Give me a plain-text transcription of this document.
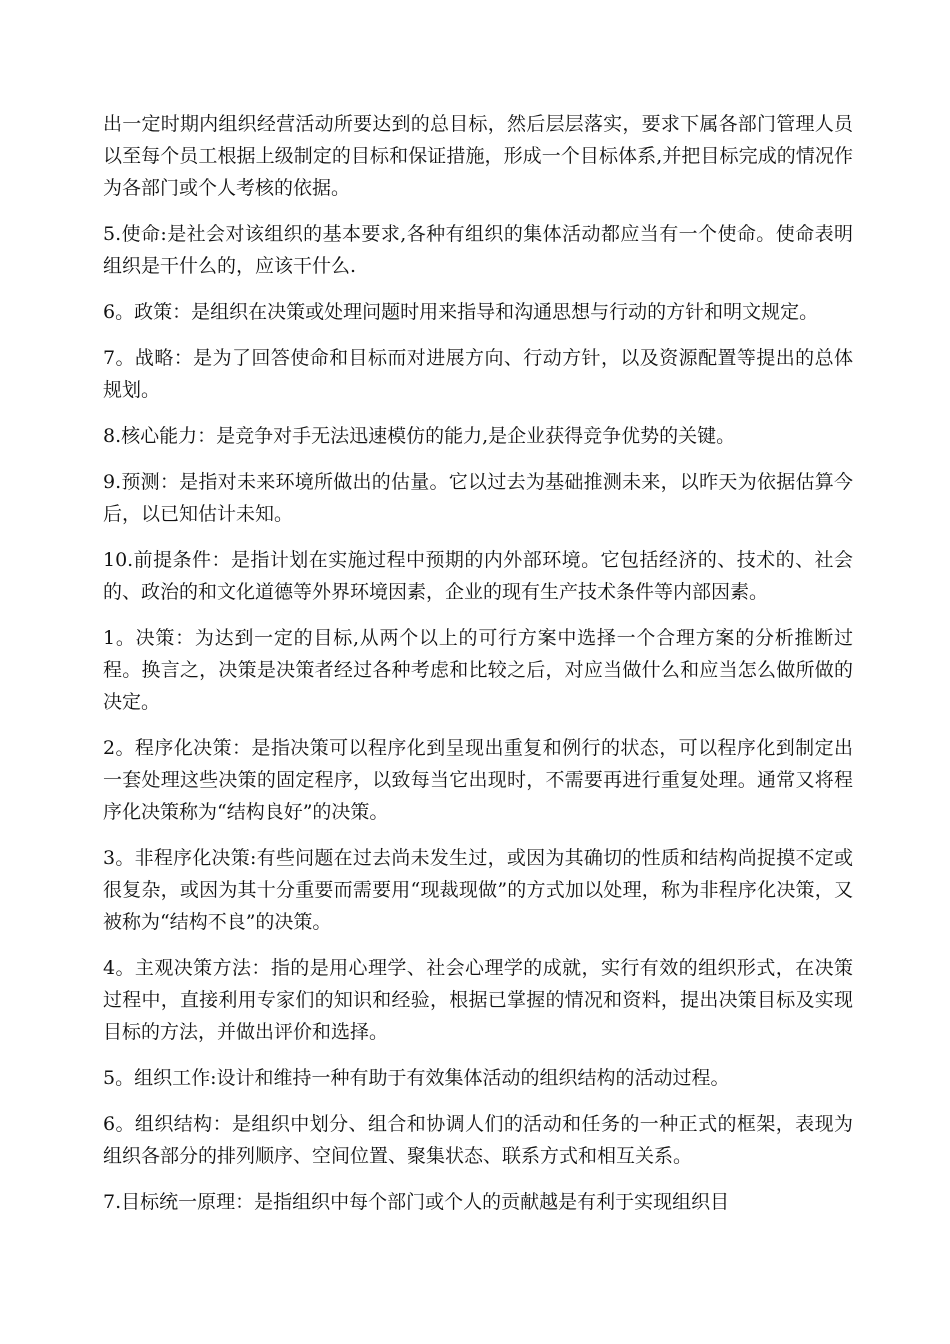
出一定时期内组织经营活动所要达到的总目标，然后层层落实，要求下属各部门管理人员以至每个员工根据上级制定的目标和保证措施，形成一个目标体系,并把目标完成的情况作为各部门或个人考核的依据。

5.使命:是社会对该组织的基本要求,各种有组织的集体活动都应当有一个使命。使命表明组织是干什么的，应该干什么.

6。政策：是组织在决策或处理问题时用来指导和沟通思想与行动的方针和明文规定。

7。战略：是为了回答使命和目标而对进展方向、行动方针，以及资源配置等提出的总体规划。

8.核心能力：是竞争对手无法迅速模仿的能力,是企业获得竞争优势的关键。

9.预测：是指对未来环境所做出的估量。它以过去为基础推测未来，以昨天为依据估算今后，以已知估计未知。

10.前提条件：是指计划在实施过程中预期的内外部环境。它包括经济的、技术的、社会的、政治的和文化道德等外界环境因素，企业的现有生产技术条件等内部因素。

1。决策：为达到一定的目标,从两个以上的可行方案中选择一个合理方案的分析推断过程。换言之，决策是决策者经过各种考虑和比较之后，对应当做什么和应当怎么做所做的决定。

2。程序化决策：是指决策可以程序化到呈现出重复和例行的状态，可以程序化到制定出一套处理这些决策的固定程序，以致每当它出现时，不需要再进行重复处理。通常又将程序化决策称为“结构良好”的决策。

3。非程序化决策:有些问题在过去尚未发生过，或因为其确切的性质和结构尚捉摸不定或很复杂，或因为其十分重要而需要用“现裁现做”的方式加以处理，称为非程序化决策，又被称为“结构不良”的决策。

4。主观决策方法：指的是用心理学、社会心理学的成就，实行有效的组织形式，在决策过程中，直接利用专家们的知识和经验，根据已掌握的情况和资料，提出决策目标及实现目标的方法，并做出评价和选择。

5。组织工作:设计和维持一种有助于有效集体活动的组织结构的活动过程。

6。组织结构：是组织中划分、组合和协调人们的活动和任务的一种正式的框架，表现为组织各部分的排列顺序、空间位置、聚集状态、联系方式和相互关系。

7.目标统一原理：是指组织中每个部门或个人的贡献越是有利于实现组织目
